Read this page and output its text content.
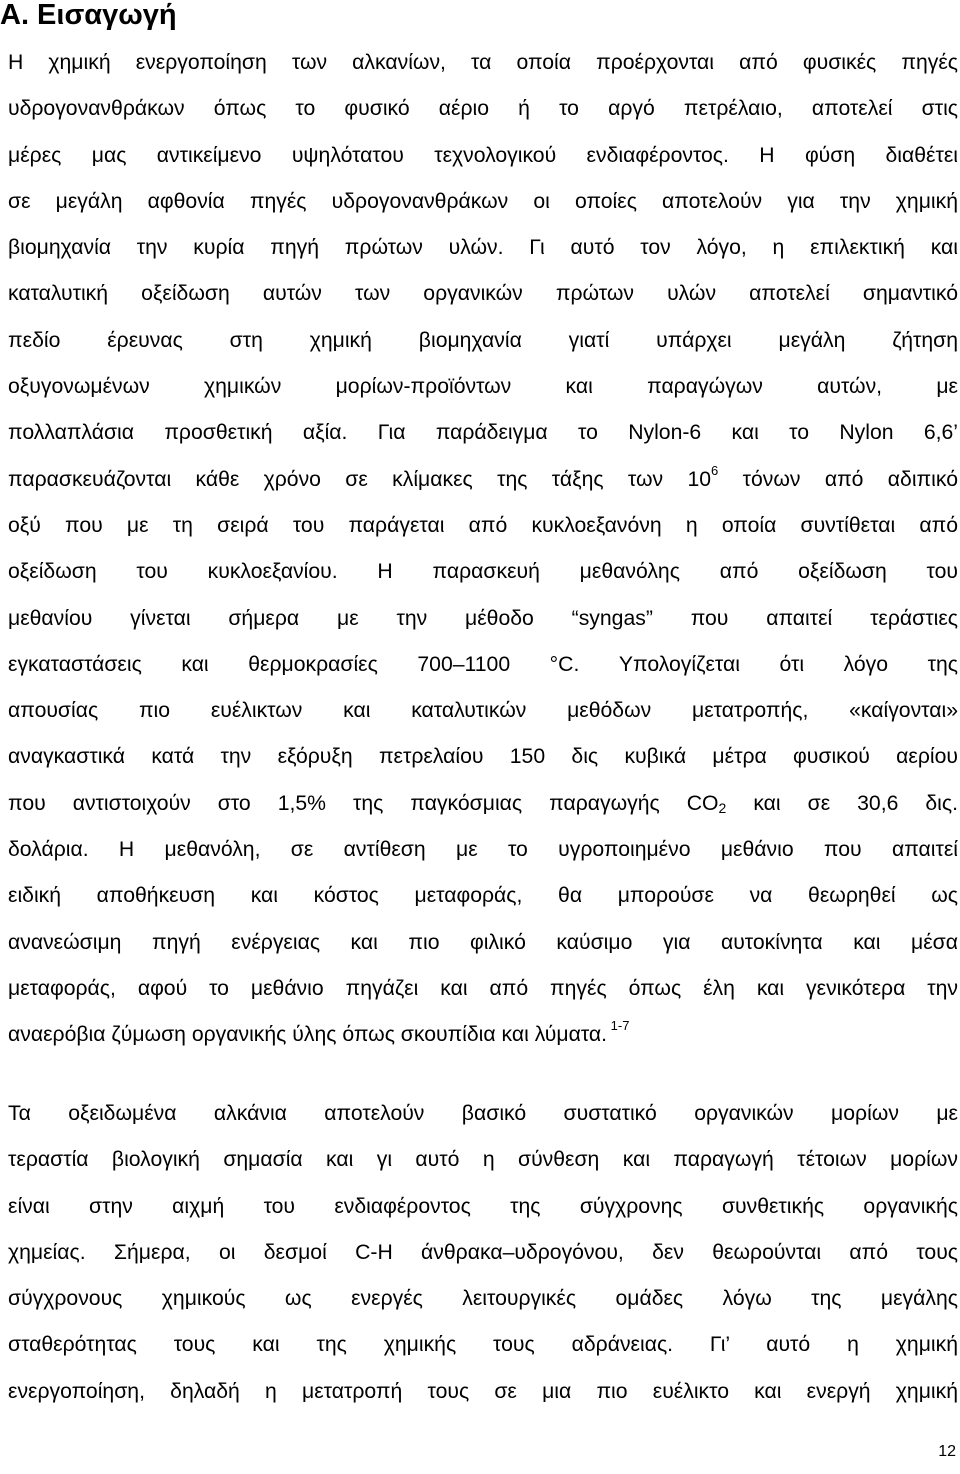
Α. Εισαγωγή
Η χημική ενεργοποίηση των αλκανίων, τα οποία προέρχονται από φυσικές πηγές
υδρογονανθράκων όπως το φυσικό αέριο ή το αργό πετρέλαιο, αποτελεί στις
μέρες μας αντικείμενο υψηλότατου τεχνολογικού ενδιαφέροντος. Η φύση διαθέτει
σε μεγάλη αφθονία πηγές υδρογονανθράκων οι οποίες αποτελούν για την χημική
βιομηχανία την κυρία πηγή πρώτων υλών. Γι αυτό τον λόγο, η επιλεκτική και
καταλυτική οξείδωση αυτών των οργανικών πρώτων υλών αποτελεί σημαντικό
πεδίο έρευνας στη χημική βιομηχανία γιατί υπάρχει μεγάλη ζήτηση
οξυγονωμένων χημικών μορίων-προϊόντων και παραγώγων αυτών, με
πολλαπλάσια προσθετική αξία. Για παράδειγμα το Nylon-6 και το Nylon 6,6’
παρασκευάζονται κάθε χρόνο σε κλίμακες της τάξης των $10^6$ τόνων από αδιπικό
οξύ που με τη σειρά του παράγεται από κυκλοεξανόνη η οποία συντίθεται από
οξείδωση του κυκλοεξανίου. Η παρασκευή μεθανόλης από οξείδωση του
μεθανίου γίνεται σήμερα με την μέθοδο “syngas” που απαιτεί τεράστιες
εγκαταστάσεις και θερμοκρασίες 700–1100 °C. Υπολογίζεται ότι λόγο της
απουσίας πιο ευέλικτων και καταλυτικών μεθόδων μετατροπής, «καίγονται»
αναγκαστικά κατά την εξόρυξη πετρελαίου 150 δις κυβικά μέτρα φυσικού αερίου
που αντιστοιχούν στο 1,5% της παγκόσμιας παραγωγής $CO_2$ και σε 30,6 δις.
δολάρια. Η μεθανόλη, σε αντίθεση με το υγροποιημένο μεθάνιο που απαιτεί
ειδική αποθήκευση και κόστος μεταφοράς, θα μπορούσε να θεωρηθεί ως
ανανεώσιμη πηγή ενέργειας και πιο φιλικό καύσιμο για αυτοκίνητα και μέσα
μεταφοράς, αφού το μεθάνιο πηγάζει και από πηγές όπως έλη και γενικότερα την
αναερόβια ζύμωση οργανικής ύλης όπως σκουπίδια και λύματα. $^{1-7}$
Τα οξειδωμένα αλκάνια αποτελούν βασικό συστατικό οργανικών μορίων με
τεραστία βιολογική σημασία και γι αυτό η σύνθεση και παραγωγή τέτοιων μορίων
είναι στην αιχμή του ενδιαφέροντος της σύγχρονης συνθετικής οργανικής
χημείας. Σήμερα, οι δεσμοί C-H άνθρακα–υδρογόνου, δεν θεωρούνται από τους
σύγχρονους χημικούς ως ενεργές λειτουργικές ομάδες λόγω της μεγάλης
σταθερότητας τους και της χημικής τους αδράνειας. Γι’ αυτό η χημική
ενεργοποίηση, δηλαδή η μετατροπή τους σε μια πιο ευέλικτο και ενεργή χημική
12
